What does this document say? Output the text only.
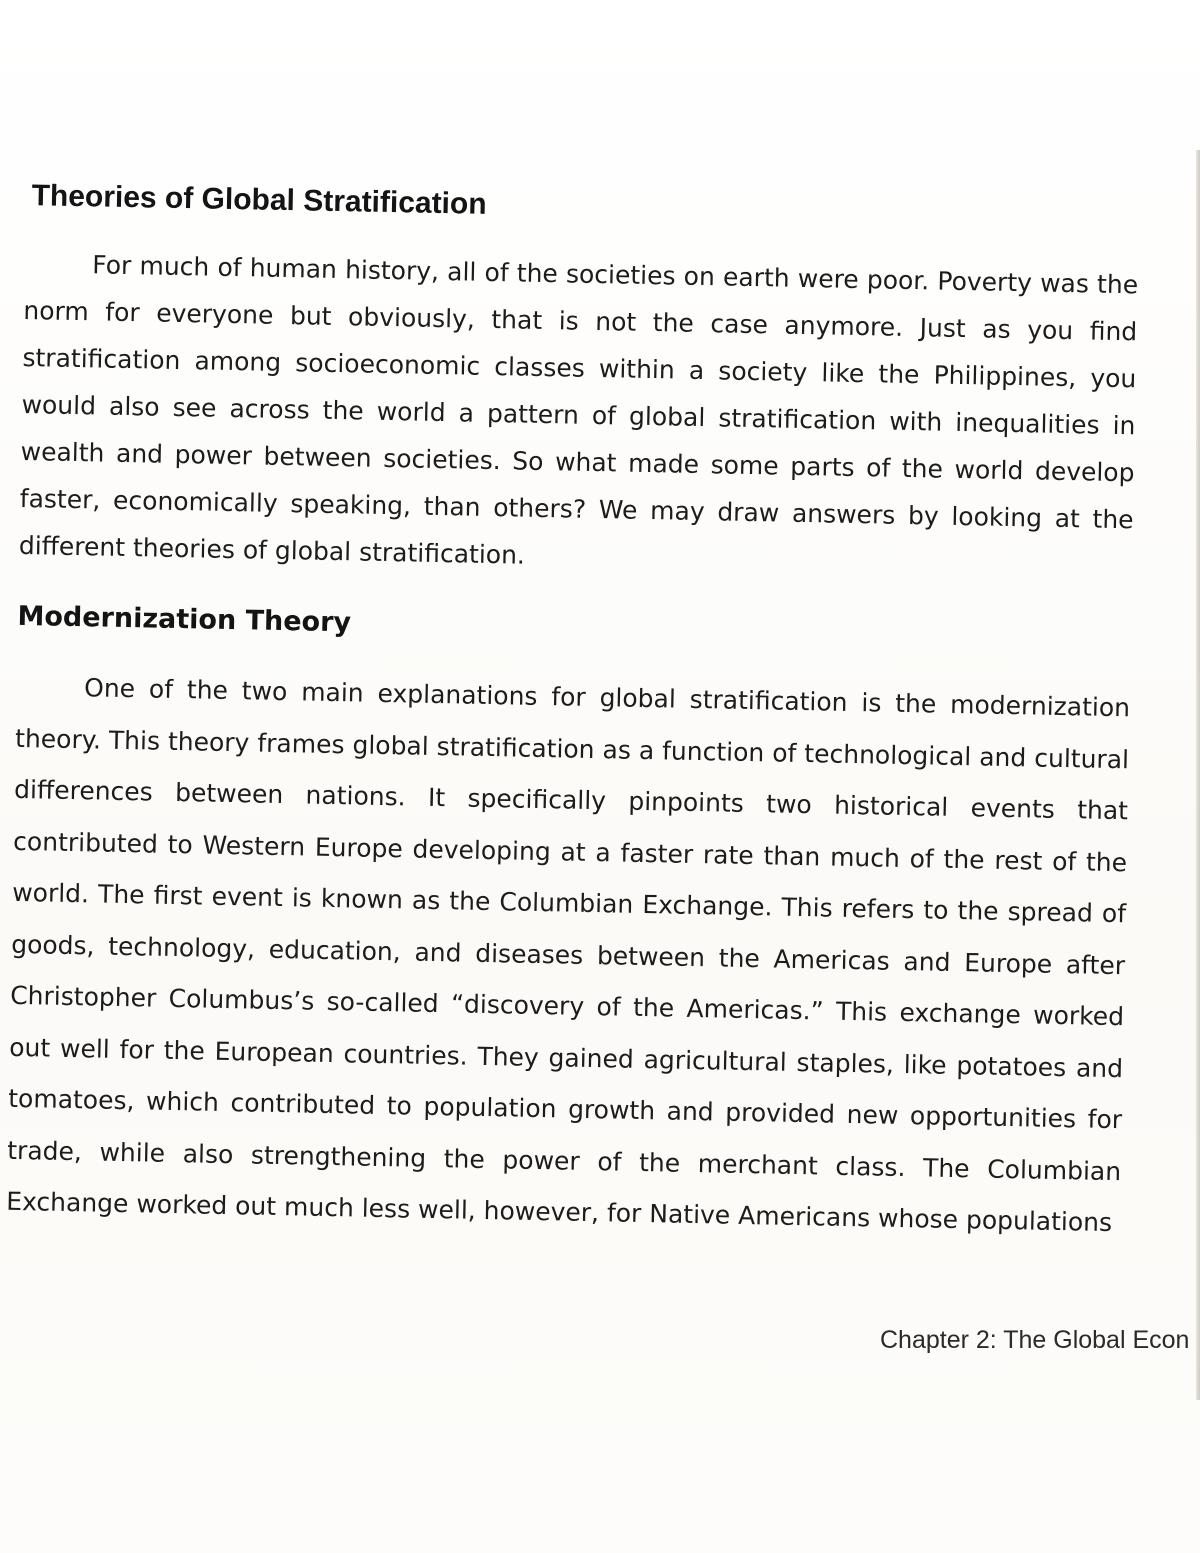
Theories of Global Stratification

For much of human history, all of the societies on earth were poor. Poverty was the norm for everyone but obviously, that is not the case anymore. Just as you find stratification among socioeconomic classes within a society like the Philippines, you would also see across the world a pattern of global stratification with inequalities in wealth and power between societies. So what made some parts of the world develop faster, economically speaking, than others? We may draw answers by looking at the different theories of global stratification.

Modernization Theory

One of the two main explanations for global stratification is the modernization theory. This theory frames global stratification as a function of technological and cultural differences between nations. It specifically pinpoints two historical events that contributed to Western Europe developing at a faster rate than much of the rest of the world. The first event is known as the Columbian Exchange. This refers to the spread of goods, technology, education, and diseases between the Americas and Europe after Christopher Columbus’s so-called “discovery of the Americas.” This exchange worked out well for the European countries. They gained agricultural staples, like potatoes and tomatoes, which contributed to population growth and provided new opportunities for trade, while also strengthening the power of the merchant class. The Columbian Exchange worked out much less well, however, for Native Americans whose populations

Chapter 2: The Global Econ
